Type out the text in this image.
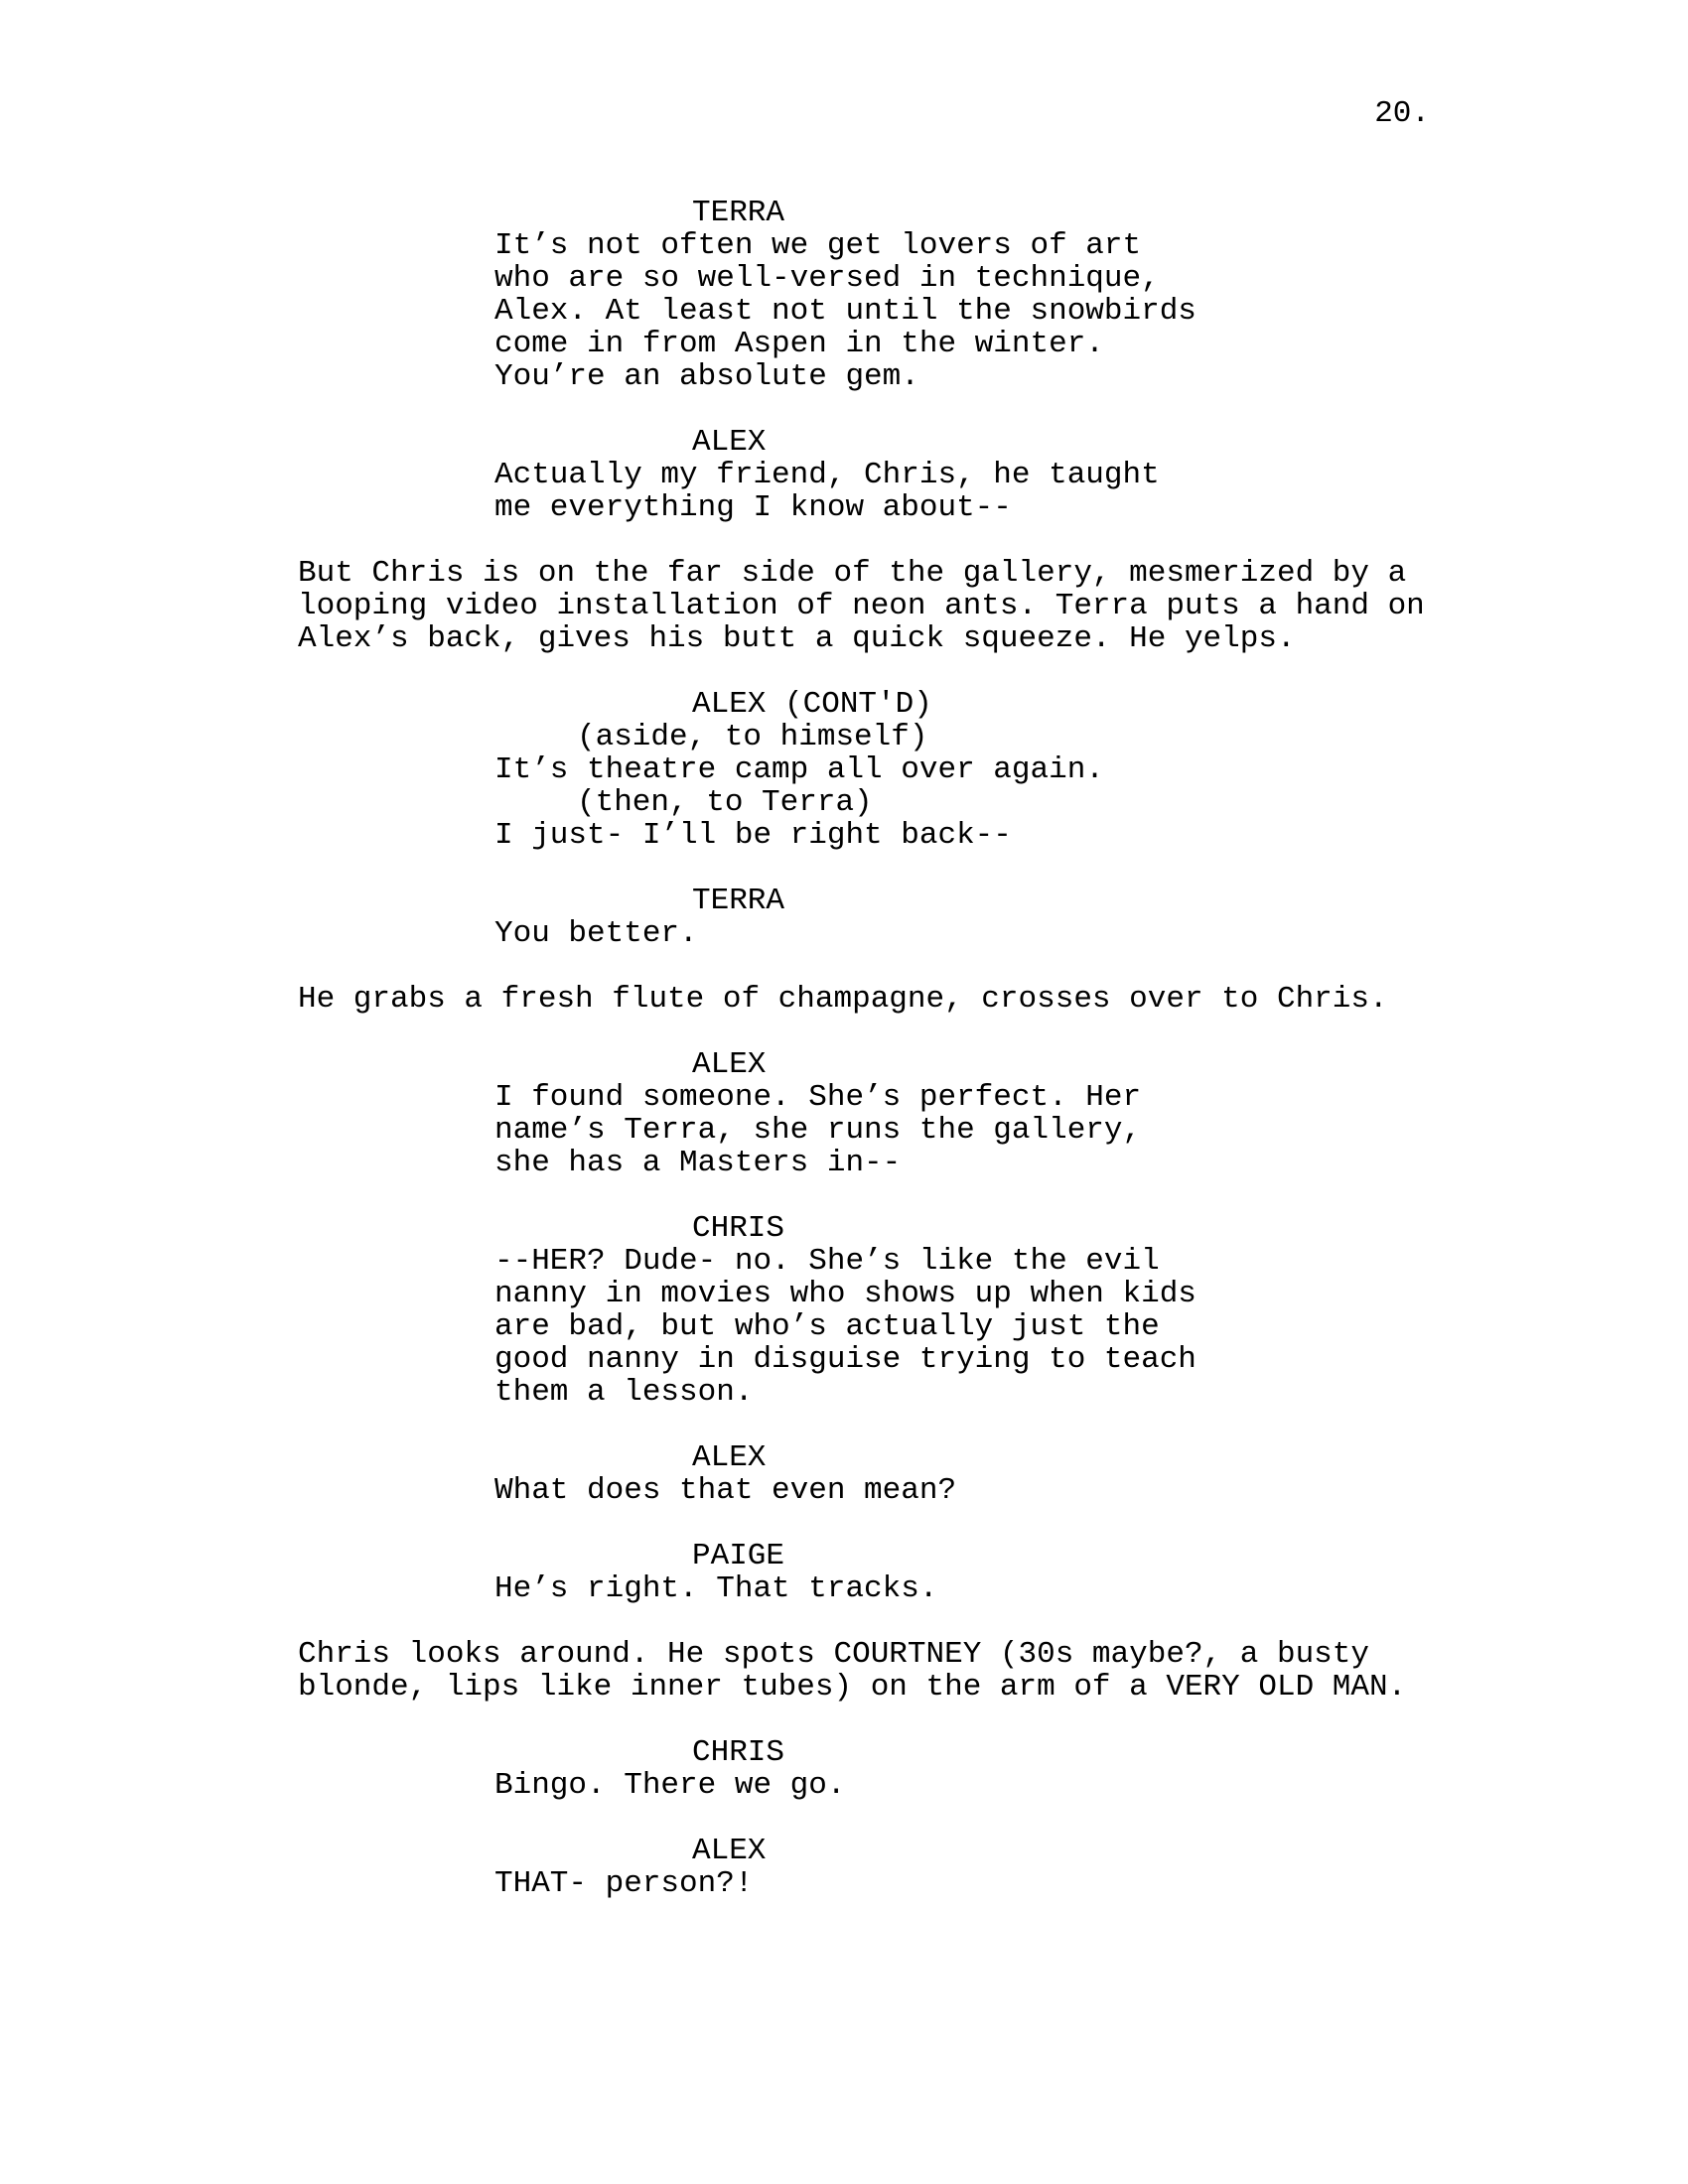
20.
TERRA
It’s not often we get lovers of art
who are so well-versed in technique,
Alex. At least not until the snowbirds
come in from Aspen in the winter.
You’re an absolute gem.
ALEX
Actually my friend, Chris, he taught
me everything I know about--
But Chris is on the far side of the gallery, mesmerized by a
looping video installation of neon ants. Terra puts a hand on
Alex’s back, gives his butt a quick squeeze. He yelps.
ALEX (CONT'D)
(aside, to himself)
It’s theatre camp all over again.
(then, to Terra)
I just- I’ll be right back--
TERRA
You better.
He grabs a fresh flute of champagne, crosses over to Chris.
ALEX
I found someone. She’s perfect. Her
name’s Terra, she runs the gallery,
she has a Masters in--
CHRIS
--HER? Dude- no. She’s like the evil
nanny in movies who shows up when kids
are bad, but who’s actually just the
good nanny in disguise trying to teach
them a lesson.
ALEX
What does that even mean?
PAIGE
He’s right. That tracks.
Chris looks around. He spots COURTNEY (30s maybe?, a busty
blonde, lips like inner tubes) on the arm of a VERY OLD MAN.
CHRIS
Bingo. There we go.
ALEX
THAT- person?!
